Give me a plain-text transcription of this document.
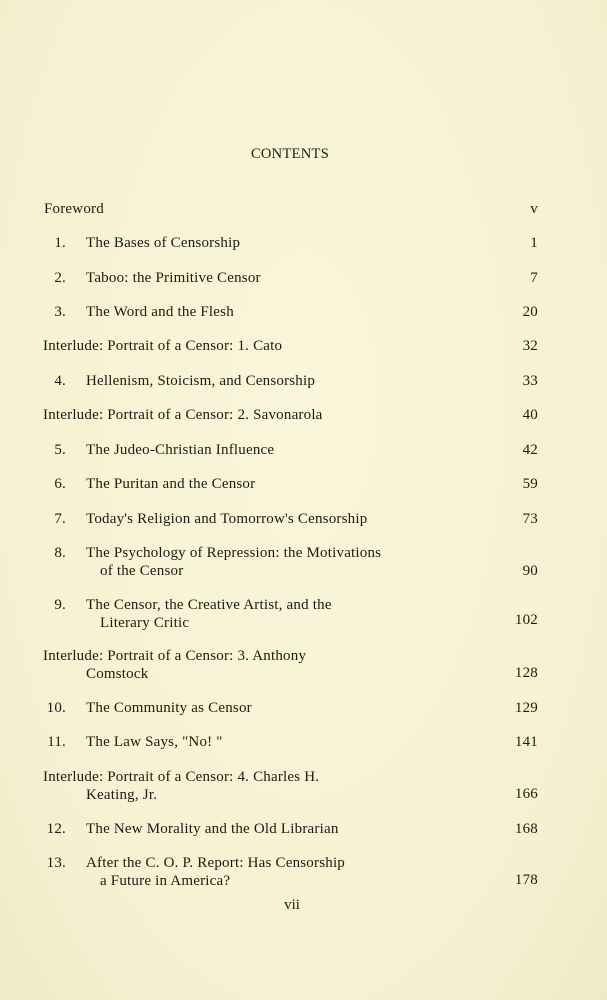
CONTENTS
Foreword	v
1. The Bases of Censorship	1
2. Taboo: the Primitive Censor	7
3. The Word and the Flesh	20
Interlude: Portrait of a Censor: 1. Cato	32
4. Hellenism, Stoicism, and Censorship	33
Interlude: Portrait of a Censor: 2. Savonarola	40
5. The Judeo-Christian Influence	42
6. The Puritan and the Censor	59
7. Today's Religion and Tomorrow's Censorship	73
8. The Psychology of Repression: the Motivations
of the Censor	90
9. The Censor, the Creative Artist, and the
Literary Critic	102
Interlude: Portrait of a Censor: 3. Anthony
Comstock	128
10. The Community as Censor	129
11. The Law Says, "No! "	141
Interlude: Portrait of a Censor: 4. Charles H.
Keating, Jr.	166
12. The New Morality and the Old Librarian	168
13. After the C. O. P. Report: Has Censorship
a Future in America?	178
vii
